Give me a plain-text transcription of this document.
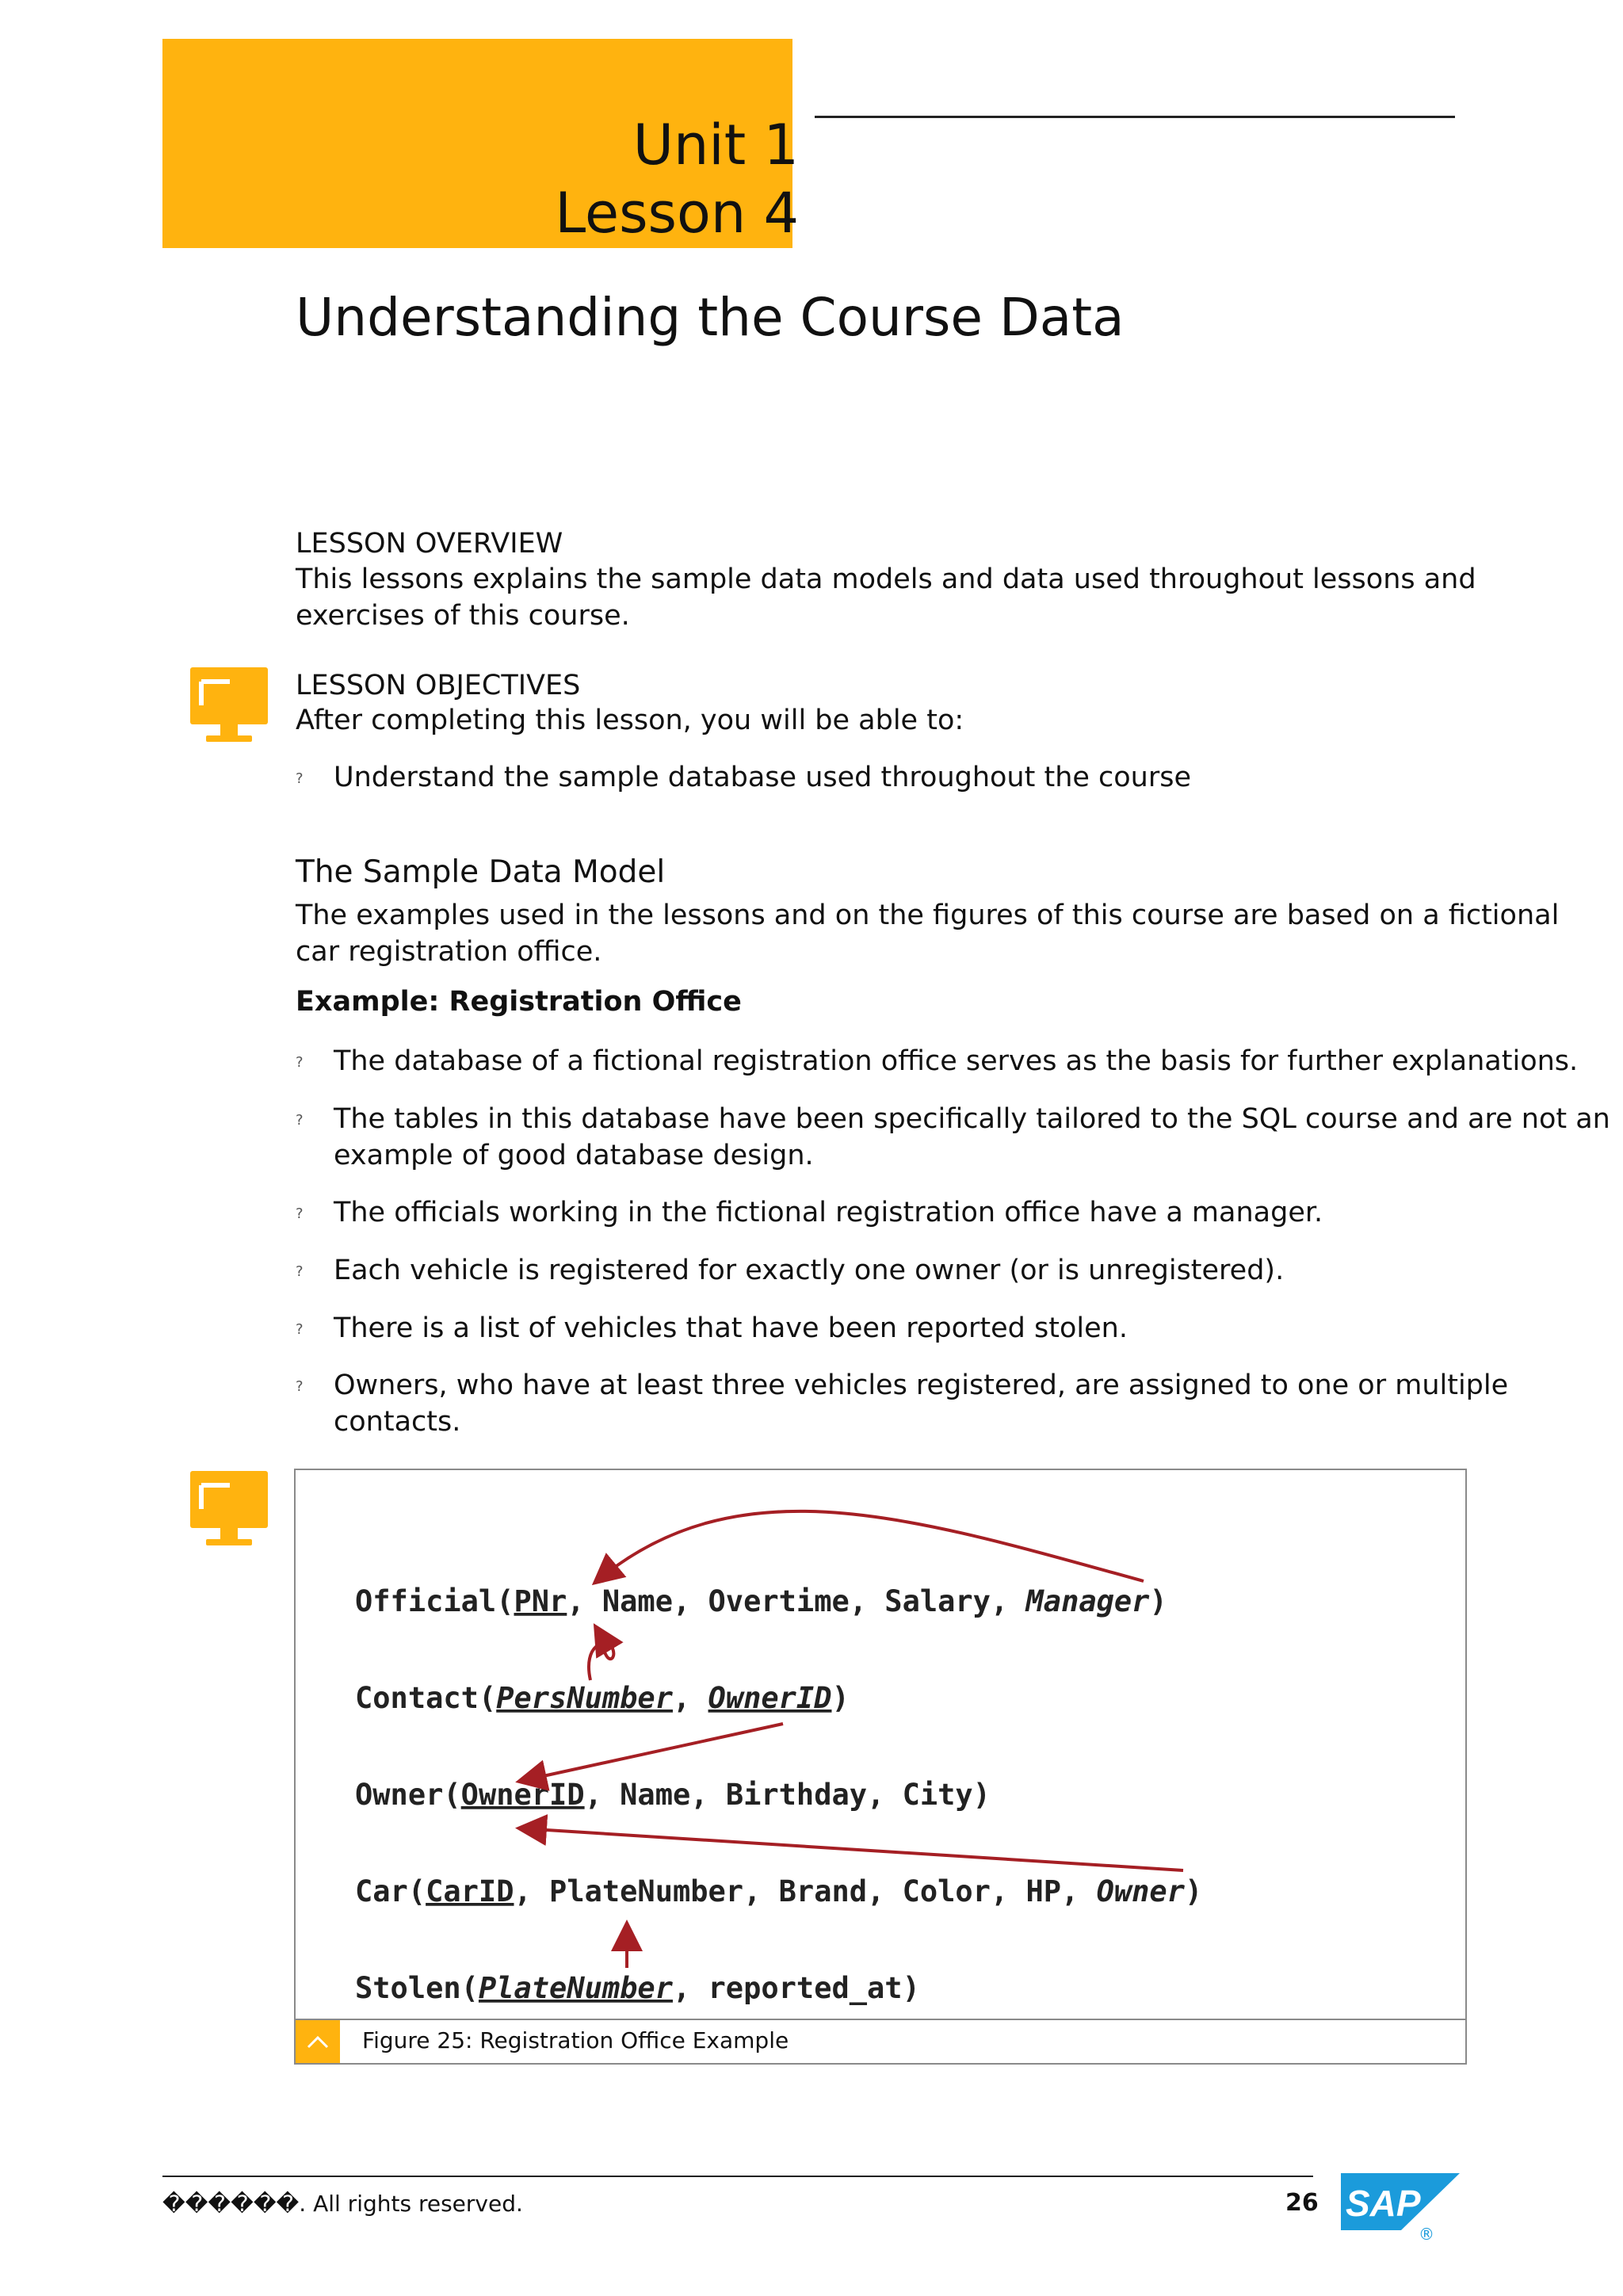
Unit 1
Lesson 4
Understanding the Course Data
LESSON OVERVIEW
This lessons explains the sample data models and data used throughout lessons and exercises of this course.
LESSON OBJECTIVES
After completing this lesson, you will be able to:
? Understand the sample database used throughout the course
The Sample Data Model
The examples used in the lessons and on the figures of this course are based on a fictional car registration office.
Example: Registration Office
? The database of a fictional registration office serves as the basis for further explanations.
? The tables in this database have been specifically tailored to the SQL course and are not an example of good database design.
? The officials working in the fictional registration office have a manager.
? Each vehicle is registered for exactly one owner (or is unregistered).
? There is a list of vehicles that have been reported stolen.
? Owners, who have at least three vehicles registered, are assigned to one or multiple contacts.
Official(PNr, Name, Overtime, Salary, Manager)
Contact(PersNumber, OwnerID)
Owner(OwnerID, Name, Birthday, City)
Car(CarID, PlateNumber, Brand, Color, HP, Owner)
Stolen(PlateNumber, reported_at)
Figure 25: Registration Office Example
������. All rights reserved.	26 SAP
®
